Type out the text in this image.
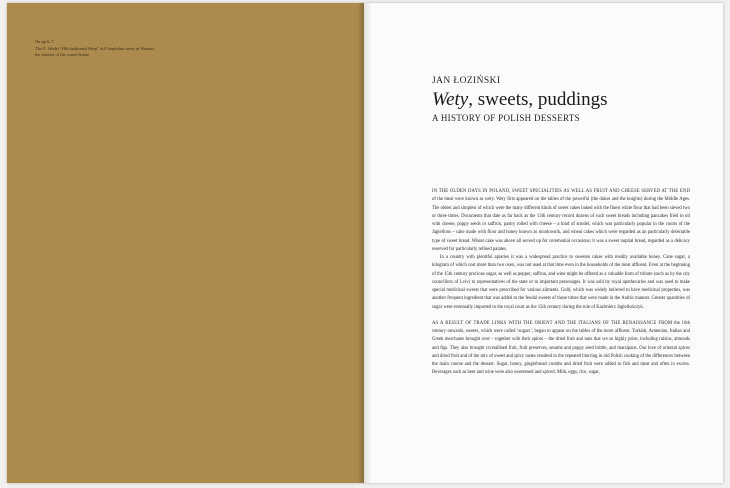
On pp 6–7
The E. Wedel “Old-fashioned Shop” at 8 Szpitalna street in Warsaw,
the interior of the corner house
JAN ŁOZIŃSKI
Wety, sweets, puddings
A HISTORY OF POLISH DESSERTS

IN THE OLDEN DAYS IN POLAND, SWEET SPECIALITIES AS WELL AS FRUIT AND CHEESE SERVED AT THE END of the meal were known as wety. Wety first appeared on the tables of the powerful (the dukes and the knights) during the Middle Ages. The oldest and simplest of which were the many different kinds of sweet cakes baked with the finest white flour that had been sieved two or three times. Documents that date as far back as the 13th century record dozens of such sweet breads including pancakes fried in oil with cheese, poppy seeds or saffron, pastry rolled with cheese – a kind of strudel, which was particularly popular in the courts of the Jagiellons – cake made with flour and honey known as miodownik, and wheat cakes which were regarded as an particularly delectable type of sweet bread. Wheat cake was above all served up for ceremonial occasions; it was a sweet nuptial bread, regarded as a delicacy reserved for particularly refined palates.

In a country with plentiful apiaries it was a widespread practice to sweeten cakes with readily available honey. Cane sugar, a kilogram of which cost more than two oxen, was not used at that time even in the households of the most affluent. Even at the beginning of the 15th century precious sugar, as well as pepper, saffron, and wine might be offered as a valuable form of tribute (such as by the city councillors of Lviv) to representatives of the state or to important personages. It was sold by royal apothecaries and was used to make special medicinal sweets that were prescribed for various ailments. Gold, which was widely believed to have medicinal properties, was another frequent ingredient that was added to the feudal sweets of those times that were made in the Arabic manner. Greater quantities of sugar were eventually imported to the royal court as the 15th century during the rule of Kazimierz Jagiellończyk.

AS A RESULT OF TRADE LINKS WITH THE ORIENT AND THE ITALIANS OF THE RENAISSANCE FROM the 16th century onwards, sweets, which were called ‘sugars’, began to appear on the tables of the more affluent. Turkish, Armenian, Italian and Greek merchants brought over – together with their spices – the dried fruit and nuts that we so highly prize, including raisins, almonds and figs. They also brought crystallised fruit, fruit preserves, sesame and poppy seed brittle, and marzipans. Our love of oriental spices and dried fruit and of the mix of sweet and spicy tastes resulted in the repeated blurring in old Polish cooking of the differences between the main course and the dessert. Sugar, honey, gingerbread crumbs and dried fruit were added to fish and meat and often in excess. Beverages such as beer and wine were also sweetened and spiced. Milk, eggs, rice, sugar,
